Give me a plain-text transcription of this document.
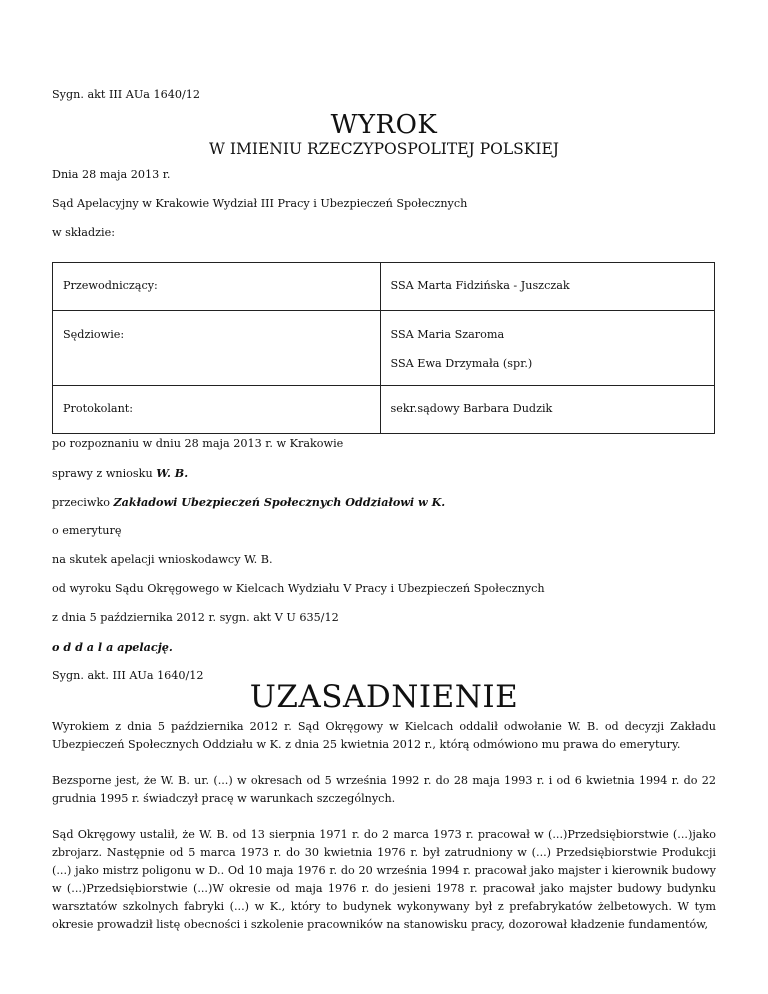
Sygn. akt III AUa 1640/12
WYROK
W IMIENIU RZECZYPOSPOLITEJ POLSKIEJ
Dnia 28 maja 2013 r.
Sąd Apelacyjny w Krakowie Wydział III Pracy i Ubezpieczeń Społecznych
w składzie:
Przewodniczący:	SSA Marta Fidzińska - Juszczak

Sędziowie:	SSA Maria Szaroma
SSA Ewa Drzymała (spr.)

Protokolant:	sekr.sądowy Barbara Dudzik
po rozpoznaniu w dniu 28 maja 2013 r. w Krakowie
sprawy z wniosku W. B.
przeciwko Zakładowi Ubezpieczeń Społecznych Oddziałowi w K.
o emeryturę
na skutek apelacji wnioskodawcy W. B.
od wyroku Sądu Okręgowego w Kielcach Wydziału V Pracy i Ubezpieczeń Społecznych
z dnia 5 października 2012 r. sygn. akt V U 635/12
o d d a l a apelację.
Sygn. akt. III AUa 1640/12
UZASADNIENIE
Wyrokiem z dnia 5 października 2012 r. Sąd Okręgowy w Kielcach oddalił odwołanie W. B. od decyzji Zakładu Ubezpieczeń Społecznych Oddziału w K. z dnia 25 kwietnia 2012 r., którą odmówiono mu prawa do emerytury.
Bezsporne jest, że W. B. ur. (...) w okresach od 5 września 1992 r. do 28 maja 1993 r. i od 6 kwietnia 1994 r. do 22 grudnia 1995 r. świadczył pracę w warunkach szczególnych.
Sąd Okręgowy ustalił, że W. B. od 13 sierpnia 1971 r. do 2 marca 1973 r. pracował w (...)Przedsiębiorstwie (...)jako zbrojarz. Następnie od 5 marca 1973 r. do 30 kwietnia 1976 r. był zatrudniony w (...) Przedsiębiorstwie Produkcji (...) jako mistrz poligonu w D.. Od 10 maja 1976 r. do 20 września 1994 r. pracował jako majster i kierownik budowy w (...)Przedsiębiorstwie (...)W okresie od maja 1976 r. do jesieni 1978 r. pracował jako majster budowy budynku warsztatów szkolnych fabryki (...) w K., który to budynek wykonywany był z prefabrykatów żelbetowych. W tym okresie prowadził listę obecności i szkolenie pracowników na stanowisku pracy, dozorował kładzenie fundamentów,
